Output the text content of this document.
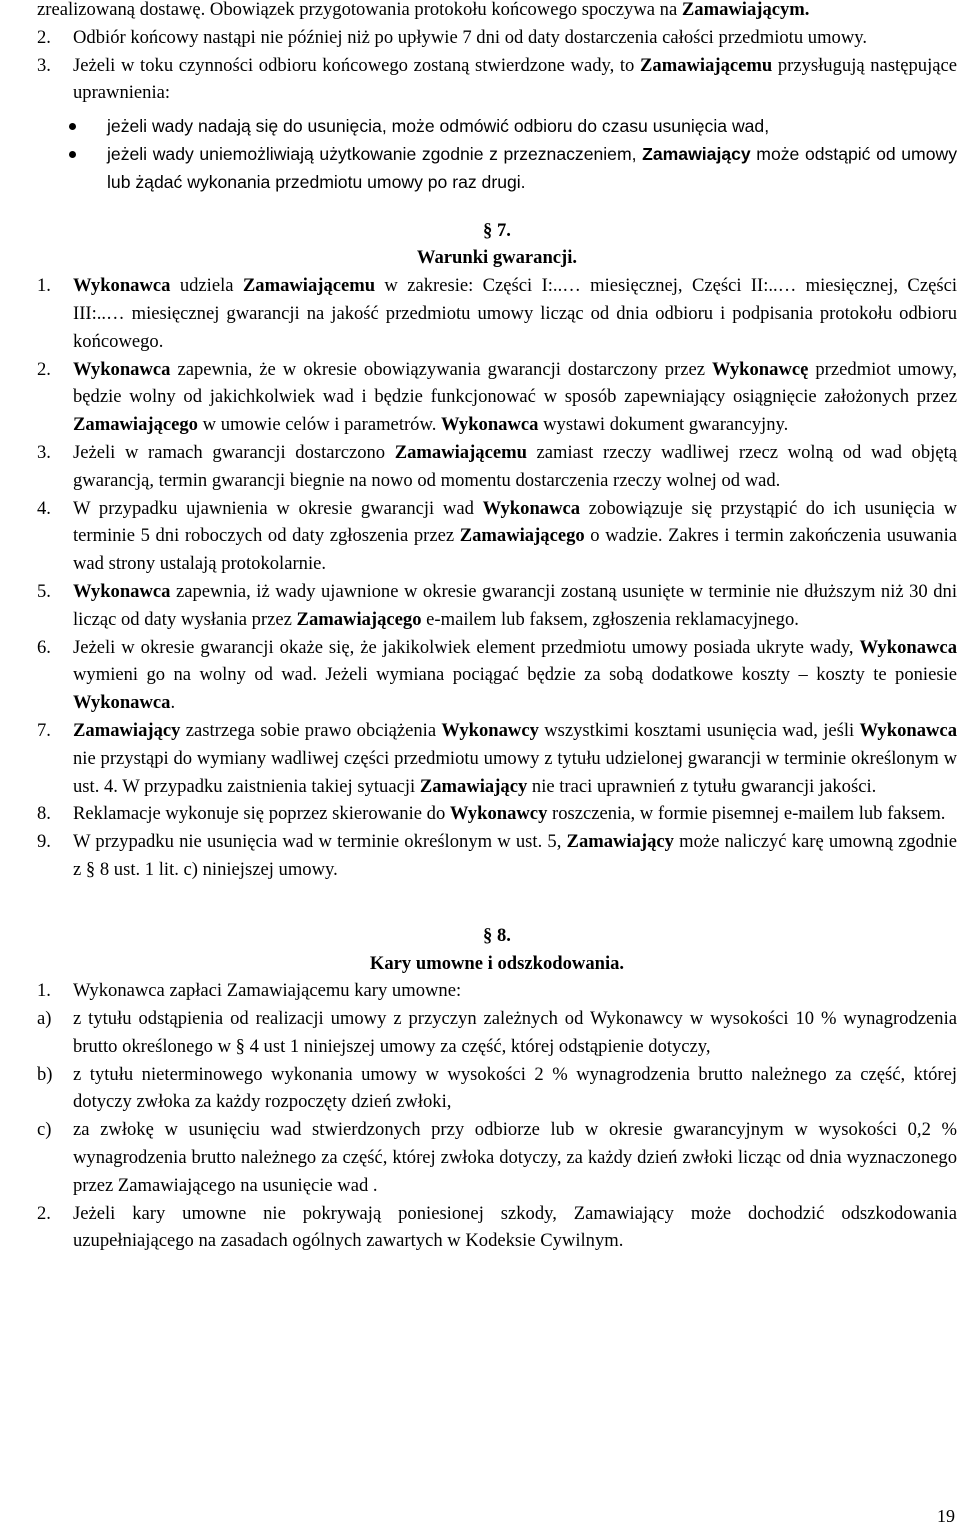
zrealizowaną dostawę. Obowiązek przygotowania protokołu końcowego spoczywa na Zamawiającym.
2. Odbiór końcowy nastąpi nie później niż po upływie 7 dni od daty dostarczenia całości przedmiotu umowy.
3. Jeżeli w toku czynności odbioru końcowego zostaną stwierdzone wady, to Zamawiającemu przysługują następujące uprawnienia:
jeżeli wady nadają się do usunięcia, może odmówić odbioru do czasu usunięcia wad,
jeżeli wady uniemożliwiają użytkowanie zgodnie z przeznaczeniem, Zamawiający może odstąpić od umowy lub żądać wykonania przedmiotu umowy po raz drugi.
§ 7.
Warunki gwarancji.
1. Wykonawca udziela Zamawiającemu w zakresie: Części I:..… miesięcznej, Części II:..… miesięcznej, Części III:..… miesięcznej gwarancji na jakość przedmiotu umowy licząc od dnia odbioru i podpisania protokołu odbioru końcowego.
2. Wykonawca zapewnia, że w okresie obowiązywania gwarancji dostarczony przez Wykonawcę przedmiot umowy, będzie wolny od jakichkolwiek wad i będzie funkcjonować w sposób zapewniający osiągnięcie założonych przez Zamawiającego w umowie celów i parametrów. Wykonawca wystawi dokument gwarancyjny.
3. Jeżeli w ramach gwarancji dostarczono Zamawiającemu zamiast rzeczy wadliwej rzecz wolną od wad objętą gwarancją, termin gwarancji biegnie na nowo od momentu dostarczenia rzeczy wolnej od wad.
4. W przypadku ujawnienia w okresie gwarancji wad Wykonawca zobowiązuje się przystąpić do ich usunięcia w terminie 5 dni roboczych od daty zgłoszenia przez Zamawiającego o wadzie. Zakres i termin zakończenia usuwania wad strony ustalają protokolarnie.
5. Wykonawca zapewnia, iż wady ujawnione w okresie gwarancji zostaną usunięte w terminie nie dłuższym niż 30 dni licząc od daty wysłania przez Zamawiającego e-mailem lub faksem, zgłoszenia reklamacyjnego.
6. Jeżeli w okresie gwarancji okaże się, że jakikolwiek element przedmiotu umowy posiada ukryte wady, Wykonawca wymieni go na wolny od wad. Jeżeli wymiana pociągać będzie za sobą dodatkowe koszty – koszty te poniesie Wykonawca.
7. Zamawiający zastrzega sobie prawo obciążenia Wykonawcy wszystkimi kosztami usunięcia wad, jeśli Wykonawca nie przystąpi do wymiany wadliwej części przedmiotu umowy z tytułu udzielonej gwarancji w terminie określonym w ust. 4. W przypadku zaistnienia takiej sytuacji Zamawiający nie traci uprawnień z tytułu gwarancji jakości.
8. Reklamacje wykonuje się poprzez skierowanie do Wykonawcy roszczenia, w formie pisemnej e-mailem lub faksem.
9. W przypadku nie usunięcia wad w terminie określonym w ust. 5, Zamawiający może naliczyć karę umowną zgodnie z § 8 ust. 1 lit. c) niniejszej umowy.
§ 8.
Kary umowne i odszkodowania.
1. Wykonawca zapłaci Zamawiającemu kary umowne:
a) z tytułu odstąpienia od realizacji umowy z przyczyn zależnych od Wykonawcy w wysokości 10 % wynagrodzenia brutto określonego w § 4 ust 1 niniejszej umowy za część, której odstąpienie dotyczy,
b) z tytułu nieterminowego wykonania umowy w wysokości 2 % wynagrodzenia brutto należnego za część, której dotyczy zwłoka za każdy rozpoczęty dzień zwłoki,
c) za zwłokę w usunięciu wad stwierdzonych przy odbiorze lub w okresie gwarancyjnym w wysokości 0,2 % wynagrodzenia brutto należnego za część, której zwłoka dotyczy, za każdy dzień zwłoki licząc od dnia wyznaczonego przez Zamawiającego na usunięcie wad .
2. Jeżeli kary umowne nie pokrywają poniesionej szkody, Zamawiający może dochodzić odszkodowania uzupełniającego na zasadach ogólnych zawartych w Kodeksie Cywilnym.
19
